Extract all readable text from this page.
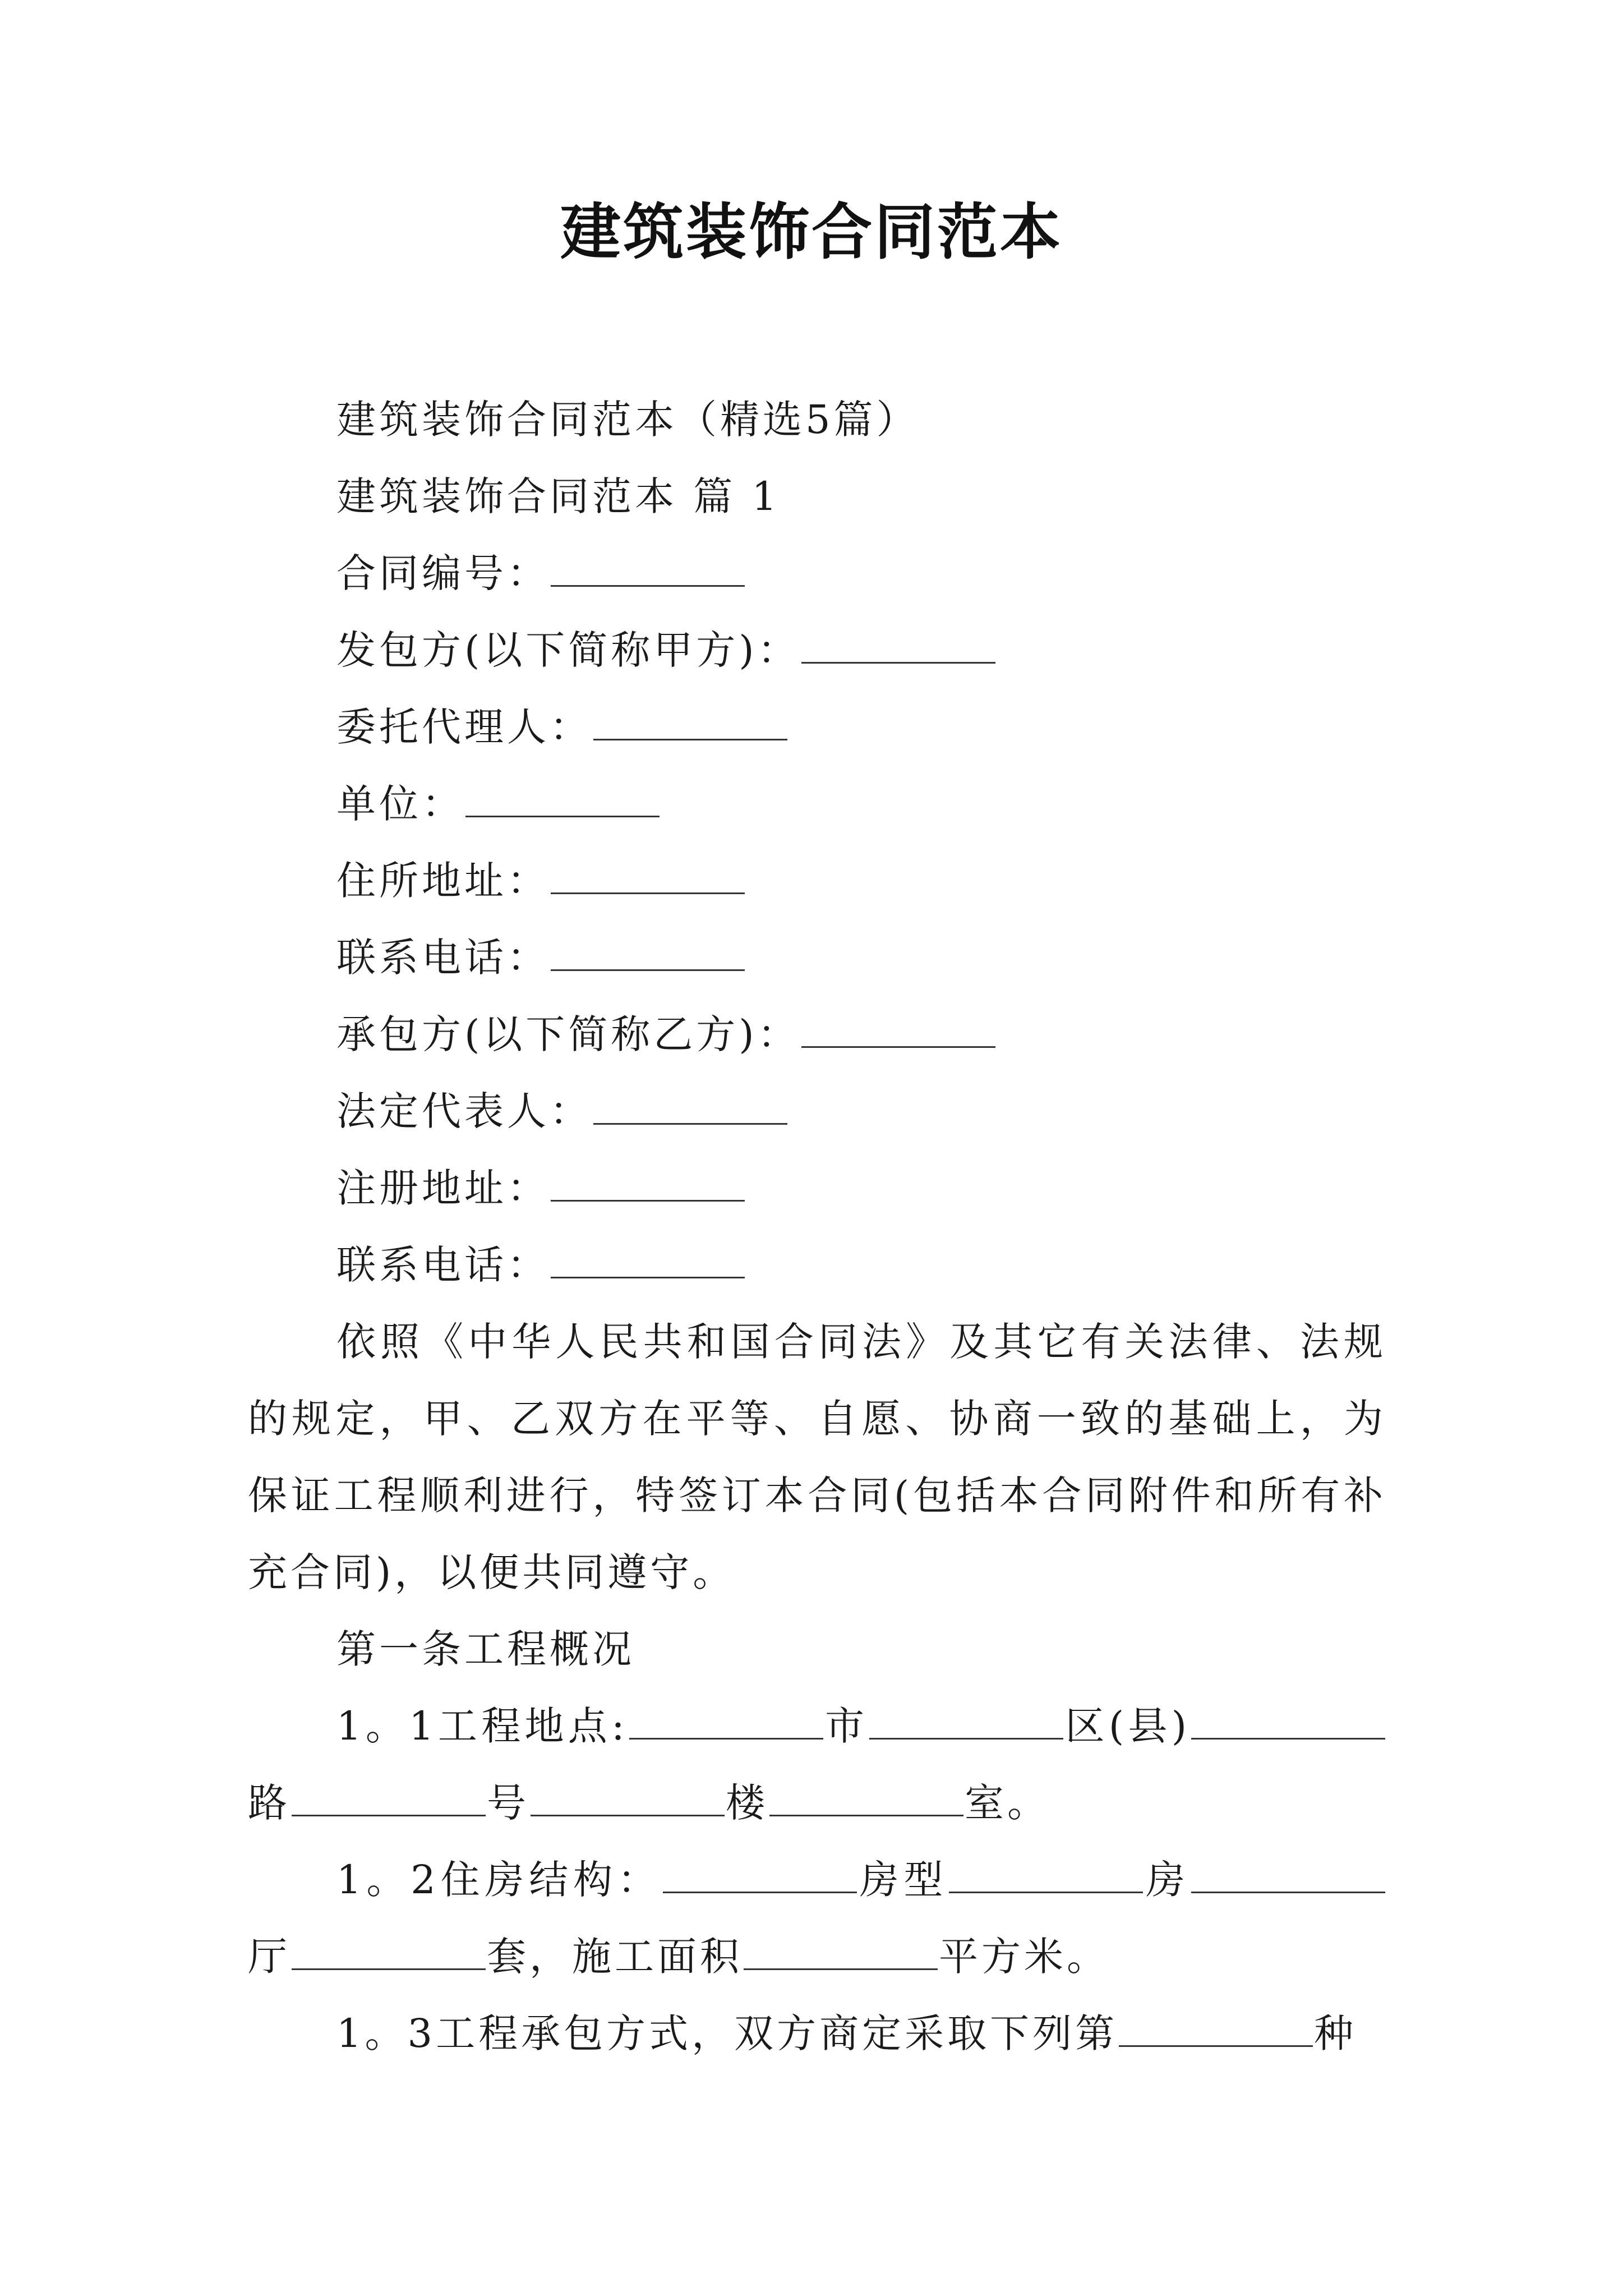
建筑装饰合同范本
建筑装饰合同范本（精选5篇）
建筑装饰合同范本 篇 1
合同编号：
发包方(以下简称甲方)：
委托代理人：
单位：
住所地址：
联系电话：
承包方(以下简称乙方)：
法定代表人：
注册地址：
联系电话：
依照《中华人民共和国合同法》及其它有关法律、法规的规定，甲、乙双方在平等、自愿、协商一致的基础上，为保证工程顺利进行，特签订本合同(包括本合同附件和所有补充合同)，以便共同遵守。
第一条工程概况
1。1工程地点:	市	区(县)路	号	楼	室。
1。2住房结构：	房型	房厅	套，施工面积	平方米。
1。3工程承包方式，双方商定采取下列第	种
